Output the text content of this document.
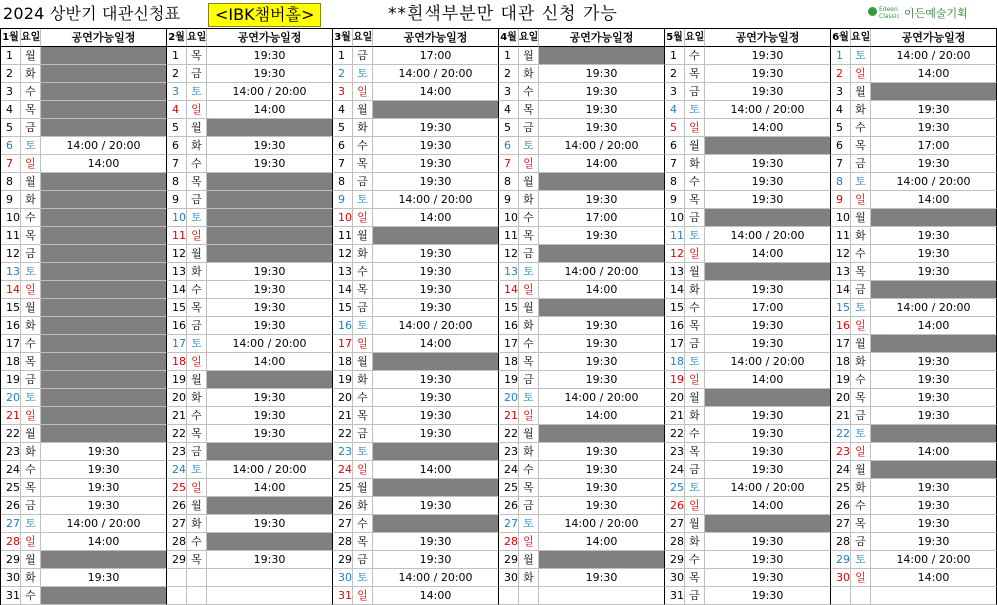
2024 상반기 대관신청표	<IBK챔버홀>	**흰색부분만 대관 신청 가능	Edeen
Classic 이든예술기획
1월 요일	공연가능일정
1	월
2	화
3	수
4	목
5	금
6	토	14:00 / 20:00
7	일	14:00
8	월
9	화
10 수
11 목
12 금
13 토
14 일
15 월
16 화
17 수
18 목
19 금
20 토
21 일
22 월
23 화	19:30
24 수	19:30
25 목	19:30
26 금	19:30
27 토	14:00 / 20:00
28 일	14:00
29 월
30 화	19:30
31 수
2월 요일	공연가능일정
1	목	19:30
2	금	19:30
3	토	14:00 / 20:00
4	일	14:00
5	월
6	화	19:30
7	수	19:30
8	목
9	금
10 토
11 일
12 월
13 화	19:30
14 수	19:30
15 목	19:30
16 금	19:30
17 토	14:00 / 20:00
18 일	14:00
19 월
20 화	19:30
21 수	19:30
22 목	19:30
23 금
24 토	14:00 / 20:00
25 일	14:00
26 월
27 화	19:30
28 수
29 목	19:30
3월 요일	공연가능일정
1	금	17:00
2	토	14:00 / 20:00
3	일	14:00
4	월
5	화	19:30
6	수	19:30
7	목	19:30
8	금	19:30
9	토	14:00 / 20:00
10 일	14:00
11 월
12 화	19:30
13 수	19:30
14 목	19:30
15 금	19:30
16 토	14:00 / 20:00
17 일	14:00
18 월
19 화	19:30
20 수	19:30
21 목	19:30
22 금	19:30
23 토
24 일	14:00
25 월
26 화	19:30
27 수
28 목	19:30
29 금	19:30
30 토	14:00 / 20:00
31 일	14:00
4월 요일	공연가능일정
1	월
2	화	19:30
3	수	19:30
4	목	19:30
5	금	19:30
6	토	14:00 / 20:00
7	일	14:00
8	월
9	화	19:30
10 수	17:00
11 목	19:30
12 금
13 토	14:00 / 20:00
14 일	14:00
15 월
16 화	19:30
17 수	19:30
18 목	19:30
19 금	19:30
20 토	14:00 / 20:00
21 일	14:00
22 월
23 화	19:30
24 수	19:30
25 목	19:30
26 금	19:30
27 토	14:00 / 20:00
28 일	14:00
29 월
30 화	19:30
5월 요일	공연가능일정
1	수	19:30
2	목	19:30
3	금	19:30
4	토	14:00 / 20:00
5	일	14:00
6	월
7	화	19:30
8	수	19:30
9	목	19:30
10 금
11 토	14:00 / 20:00
12 일	14:00
13 월
14 화	19:30
15 수	17:00
16 목	19:30
17 금	19:30
18 토	14:00 / 20:00
19 일	14:00
20 월
21 화	19:30
22 수	19:30
23 목	19:30
24 금	19:30
25 토	14:00 / 20:00
26 일	14:00
27 월
28 화	19:30
29 수	19:30
30 목	19:30
31 금	19:30
6월 요일	공연가능일정
1	토	14:00 / 20:00
2	일	14:00
3	월
4	화	19:30
5	수	19:30
6	목	17:00
7	금	19:30
8	토	14:00 / 20:00
9	일	14:00
10 월
11 화	19:30
12 수	19:30
13 목	19:30
14 금
15 토	14:00 / 20:00
16 일	14:00
17 월
18 화	19:30
19 수	19:30
20 목	19:30
21 금	19:30
22 토
23 일	14:00
24 월
25 화	19:30
26 수	19:30
27 목	19:30
28 금	19:30
29 토	14:00 / 20:00
30 일	14:00
